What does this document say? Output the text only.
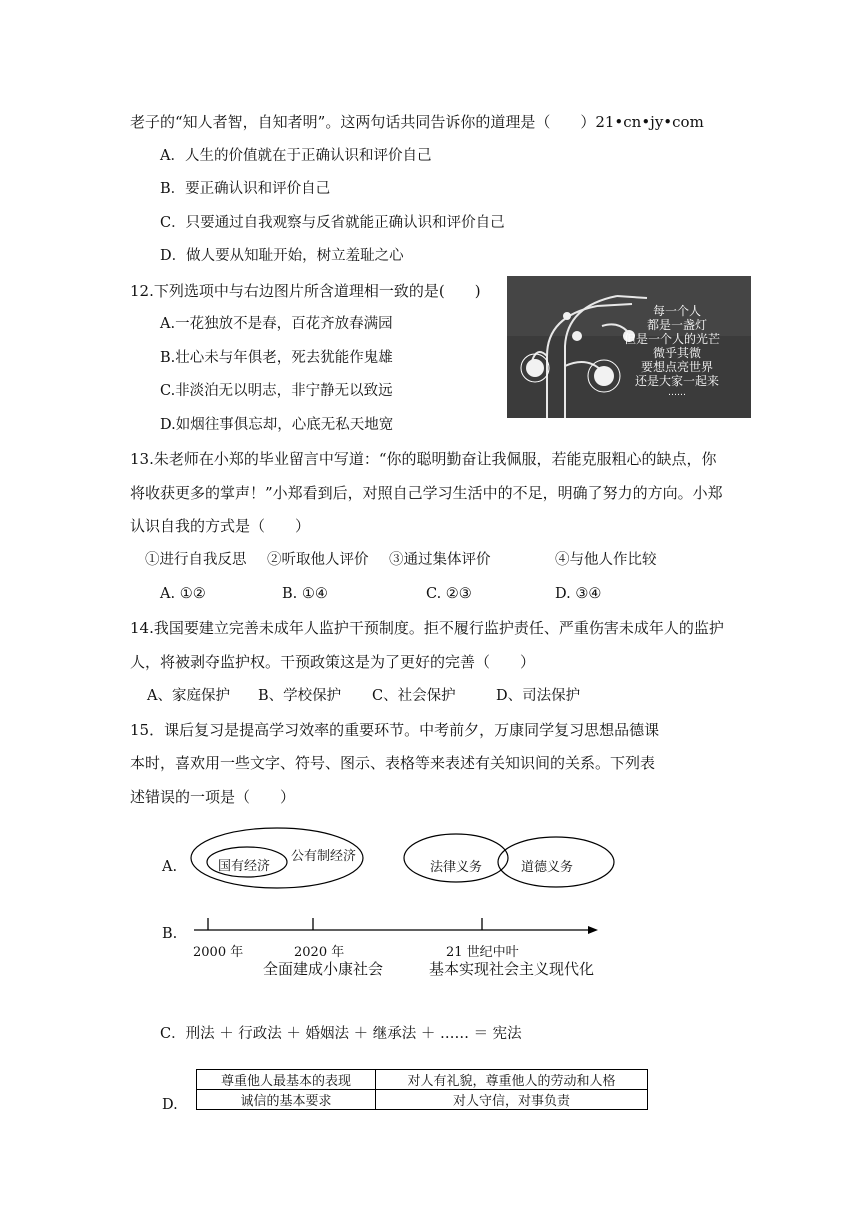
老子的“知人者智，自知者明”。这两句话共同告诉你的道理是（　　）21•cn•jy•com
A．人生的价值就在于正确认识和评价自己
B．要正确认识和评价自己
C．只要通过自我观察与反省就能正确认识和评价自己
D．做人要从知耻开始，树立羞耻之心
12.下列选项中与右边图片所含道理相一致的是(　　)
A.一花独放不是春，百花齐放春满园
B.壮心未与年俱老，死去犹能作鬼雄
C.非淡泊无以明志，非宁静无以致远
D.如烟往事俱忘却，心底无私天地宽
每一个人
都是一盏灯
但是一个人的光芒
微乎其微
要想点亮世界
还是大家一起来
……
13.朱老师在小郑的毕业留言中写道：“你的聪明勤奋让我佩服，若能克服粗心的缺点，你
将收获更多的掌声！”小郑看到后，对照自己学习生活中的不足，明确了努力的方向。小郑
认识自我的方式是（　　）
①进行自我反思 ②听取他人评价 ③通过集体评价	④与他人作比较
A. ①②	B. ①④	C. ②③	D. ③④
14.我国要建立完善未成年人监护干预制度。拒不履行监护责任、严重伤害未成年人的监护
人，将被剥夺监护权。干预政策这是为了更好的完善（　　）
A、家庭保护 B、学校保护 C、社会保护	D、司法保护
15．课后复习是提高学习效率的重要环节。中考前夕，万康同学复习思想品德课
本时，喜欢用一些文字、符号、图示、表格等来表述有关知识间的关系。下列表
述错误的一项是（　　）
A.
公有制经济
国有经济	法律义务	道德义务
B.
2000 年	2020 年	21 世纪中叶
全面建成小康社会	基本实现社会主义现代化
C．刑法 ＋ 行政法 ＋ 婚姻法 ＋ 继承法 ＋ …… ＝ 宪法
D.
尊重他人最基本的表现	对人有礼貌，尊重他人的劳动和人格
诚信的基本要求	对人守信，对事负责
